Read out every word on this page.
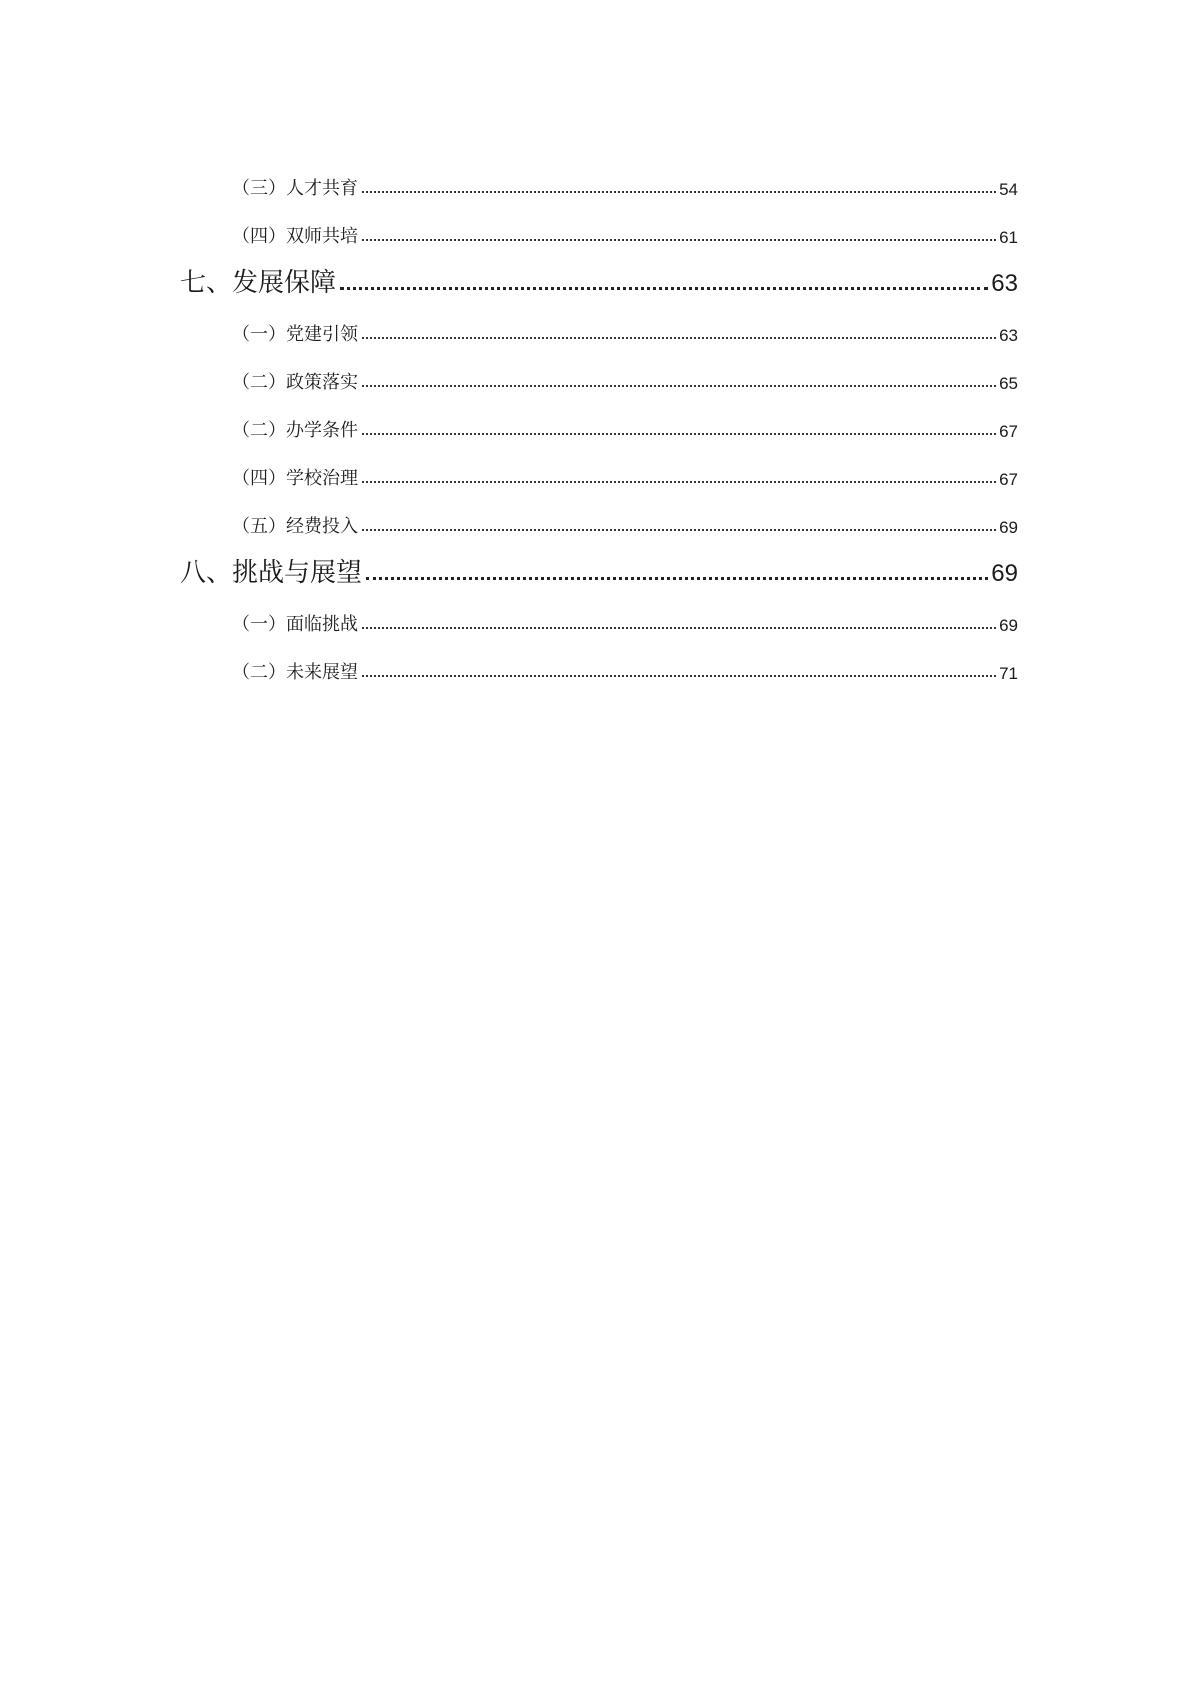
（三）人才共育	54
（四）双师共培	61
七、发展保障	63
（一）党建引领	63
（二）政策落实	65
（二）办学条件	67
（四）学校治理	67
（五）经费投入	69
八、挑战与展望	69
（一）面临挑战	69
（二）未来展望	71
